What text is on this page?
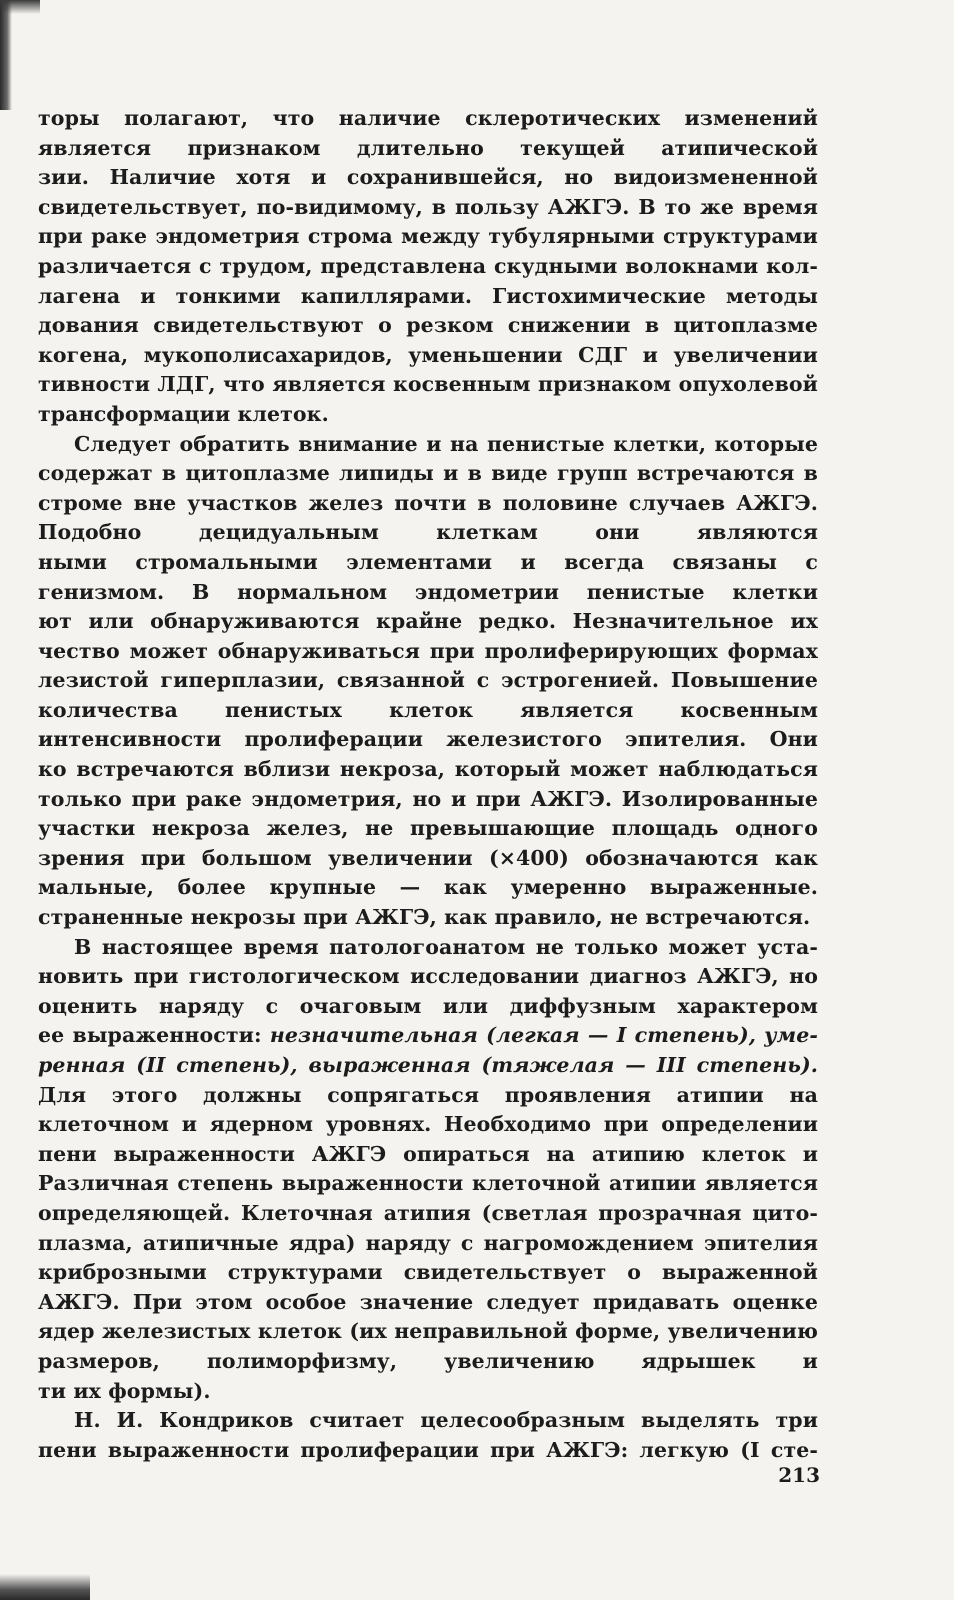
торы полагают, что наличие склеротических изменений
является признаком длительно текущей атипической
зии. Наличие хотя и сохранившейся, но видоизмененной
свидетельствует, по-видимому, в пользу АЖГЭ. В то же время
при раке эндометрия строма между тубулярными структурами
различается с трудом, представлена скудными волокнами кол-
лагена и тонкими капиллярами. Гистохимические методы
дования свидетельствуют о резком снижении в цитоплазме
когена, мукополисахаридов, уменьшении СДГ и увеличении
тивности ЛДГ, что является косвенным признаком опухолевой
трансформации клеток.
Следует обратить внимание и на пенистые клетки, которые
содержат в цитоплазме липиды и в виде групп встречаются в
строме вне участков желез почти в половине случаев АЖГЭ.
Подобно децидуальным клеткам они являются
ными стромальными элементами и всегда связаны с
генизмом. В нормальном эндометрии пенистые клетки
ют или обнаруживаются крайне редко. Незначительное их
чество может обнаруживаться при пролиферирующих формах
лезистой гиперплазии, связанной с эстрогенией. Повышение
количества пенистых клеток является косвенным
интенсивности пролиферации железистого эпителия. Они
ко встречаются вблизи некроза, который может наблюдаться
только при раке эндометрия, но и при АЖГЭ. Изолированные
участки некроза желез, не превышающие площадь одного
зрения при большом увеличении (×400) обозначаются как
мальные, более крупные — как умеренно выраженные.
страненные некрозы при АЖГЭ, как правило, не встречаются.
В настоящее время патологоанатом не только может уста-
новить при гистологическом исследовании диагноз АЖГЭ, но
оценить наряду с очаговым или диффузным характером
ее выраженности: незначительная (легкая — I степень), уме-
ренная (II степень), выраженная (тяжелая — III степень).
Для этого должны сопрягаться проявления атипии на
клеточном и ядерном уровнях. Необходимо при определении
пени выраженности АЖГЭ опираться на атипию клеток и
Различная степень выраженности клеточной атипии является
определяющей. Клеточная атипия (светлая прозрачная цито-
плазма, атипичные ядра) наряду с нагромождением эпителия
криброзными структурами свидетельствует о выраженной
АЖГЭ. При этом особое значение следует придавать оценке
ядер железистых клеток (их неправильной форме, увеличению
размеров, полиморфизму, увеличению ядрышек и
ти их формы).
Н. И. Кондриков считает целесообразным выделять три
пени выраженности пролиферации при АЖГЭ: легкую (I сте-
213
